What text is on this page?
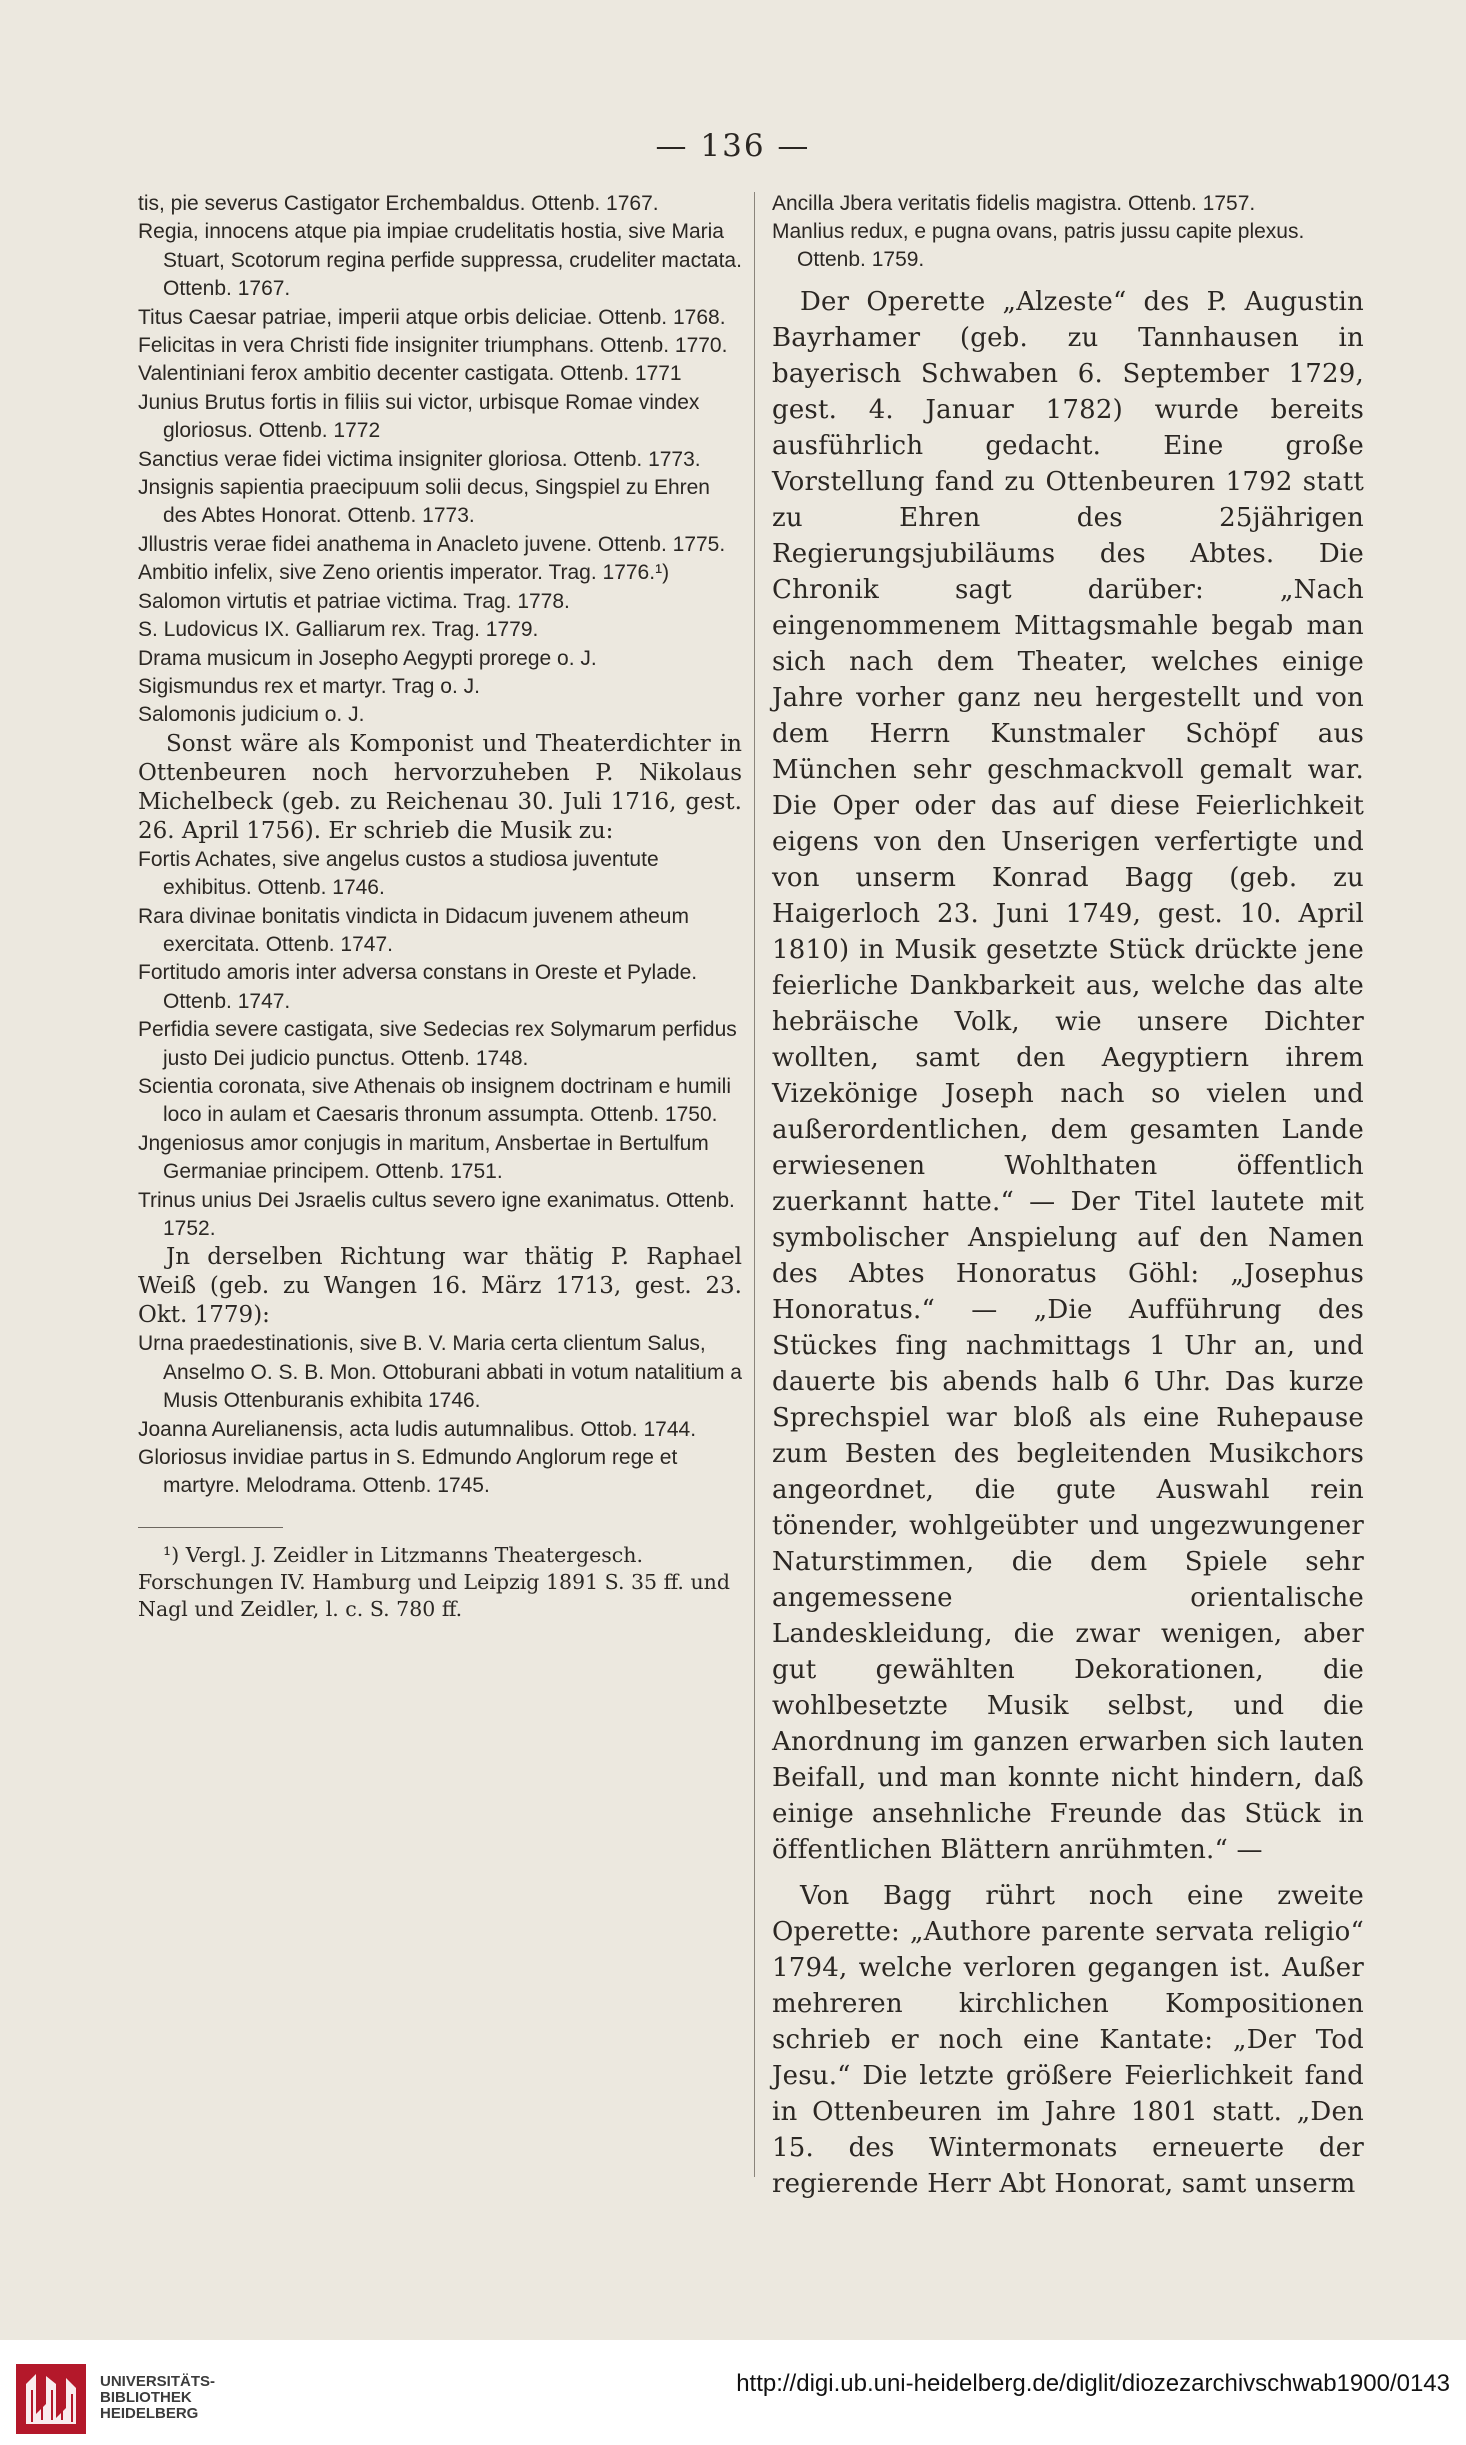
— 136 —

tis, pie severus Castigator Erchembaldus. Ottenb. 1767.

Regia, innocens atque pia impiae crudelitatis hostia, sive Maria Stuart, Scotorum regina perfide suppressa, crudeliter mactata. Ottenb. 1767.

Titus Caesar patriae, imperii atque orbis deliciae. Ottenb. 1768.

Felicitas in vera Christi fide insigniter triumphans. Ottenb. 1770.

Valentiniani ferox ambitio decenter castigata. Ottenb. 1771

Junius Brutus fortis in filiis sui victor, urbisque Romae vindex gloriosus. Ottenb. 1772

Sanctius verae fidei victima insigniter gloriosa. Ottenb. 1773.

Jnsignis sapientia praecipuum solii decus, Singspiel zu Ehren des Abtes Honorat. Ottenb. 1773.

Jllustris verae fidei anathema in Anacleto juvene. Ottenb. 1775.

Ambitio infelix, sive Zeno orientis imperator. Trag. 1776.¹)

Salomon virtutis et patriae victima. Trag. 1778.

S. Ludovicus IX. Galliarum rex. Trag. 1779.

Drama musicum in Josepho Aegypti prorege o. J.

Sigismundus rex et martyr. Trag o. J.

Salomonis judicium o. J.

Sonst wäre als Komponist und Theaterdichter in Ottenbeuren noch hervorzuheben P. Nikolaus Michelbeck (geb. zu Reichenau 30. Juli 1716, gest. 26. April 1756). Er schrieb die Musik zu:

Fortis Achates, sive angelus custos a studiosa juventute exhibitus. Ottenb. 1746.

Rara divinae bonitatis vindicta in Didacum juvenem atheum exercitata. Ottenb. 1747.

Fortitudo amoris inter adversa constans in Oreste et Pylade. Ottenb. 1747.

Perfidia severe castigata, sive Sedecias rex Solymarum perfidus justo Dei judicio punctus. Ottenb. 1748.

Scientia coronata, sive Athenais ob insignem doctrinam e humili loco in aulam et Caesaris thronum assumpta. Ottenb. 1750.

Jngeniosus amor conjugis in maritum, Ansbertae in Bertulfum Germaniae principem. Ottenb. 1751.

Trinus unius Dei Jsraelis cultus severo igne exanimatus. Ottenb. 1752.

Jn derselben Richtung war thätig P. Raphael Weiß (geb. zu Wangen 16. März 1713, gest. 23. Okt. 1779):

Urna praedestinationis, sive B. V. Maria certa clientum Salus, Anselmo O. S. B. Mon. Ottoburani abbati in votum natalitium a Musis Ottenburanis exhibita 1746.

Joanna Aurelianensis, acta ludis autumnalibus. Ottob. 1744.

Gloriosus invidiae partus in S. Edmundo Anglorum rege et martyre. Melodrama. Ottenb. 1745.

¹) Vergl. J. Zeidler in Litzmanns Theatergesch. Forschungen IV. Hamburg und Leipzig 1891 S. 35 ff. und Nagl und Zeidler, l. c. S. 780 ff.

Ancilla Jbera veritatis fidelis magistra. Ottenb. 1757.

Manlius redux, e pugna ovans, patris jussu capite plexus. Ottenb. 1759.

Der Operette „Alzeste“ des P. Augustin Bayrhamer (geb. zu Tannhausen in bayerisch Schwaben 6. September 1729, gest. 4. Januar 1782) wurde bereits ausführlich gedacht. Eine große Vorstellung fand zu Ottenbeuren 1792 statt zu Ehren des 25jährigen Regierungsjubiläums des Abtes. Die Chronik sagt darüber: „Nach eingenommenem Mittagsmahle begab man sich nach dem Theater, welches einige Jahre vorher ganz neu hergestellt und von dem Herrn Kunstmaler Schöpf aus München sehr geschmackvoll gemalt war. Die Oper oder das auf diese Feierlichkeit eigens von den Unserigen verfertigte und von unserm Konrad Bagg (geb. zu Haigerloch 23. Juni 1749, gest. 10. April 1810) in Musik gesetzte Stück drückte jene feierliche Dankbarkeit aus, welche das alte hebräische Volk, wie unsere Dichter wollten, samt den Aegyptiern ihrem Vizekönige Joseph nach so vielen und außerordentlichen, dem gesamten Lande erwiesenen Wohlthaten öffentlich zuerkannt hatte.“ — Der Titel lautete mit symbolischer Anspielung auf den Namen des Abtes Honoratus Göhl: „Josephus Honoratus.“ — „Die Aufführung des Stückes fing nachmittags 1 Uhr an, und dauerte bis abends halb 6 Uhr. Das kurze Sprechspiel war bloß als eine Ruhepause zum Besten des begleitenden Musikchors angeordnet, die gute Auswahl rein tönender, wohlgeübter und ungezwungener Naturstimmen, die dem Spiele sehr angemessene orientalische Landeskleidung, die zwar wenigen, aber gut gewählten Dekorationen, die wohlbesetzte Musik selbst, und die Anordnung im ganzen erwarben sich lauten Beifall, und man konnte nicht hindern, daß einige ansehnliche Freunde das Stück in öffentlichen Blättern anrühmten.“ —

Von Bagg rührt noch eine zweite Operette: „Authore parente servata religio“ 1794, welche verloren gegangen ist. Außer mehreren kirchlichen Kompositionen schrieb er noch eine Kantate: „Der Tod Jesu.“ Die letzte größere Feierlichkeit fand in Ottenbeuren im Jahre 1801 statt. „Den 15. des Wintermonats erneuerte der regierende Herr Abt Honorat, samt unserm

UNIVERSITÄTS-
BIBLIOTHEK
HEIDELBERG
http://digi.ub.uni-heidelberg.de/diglit/diozezarchivschwab1900/0143
